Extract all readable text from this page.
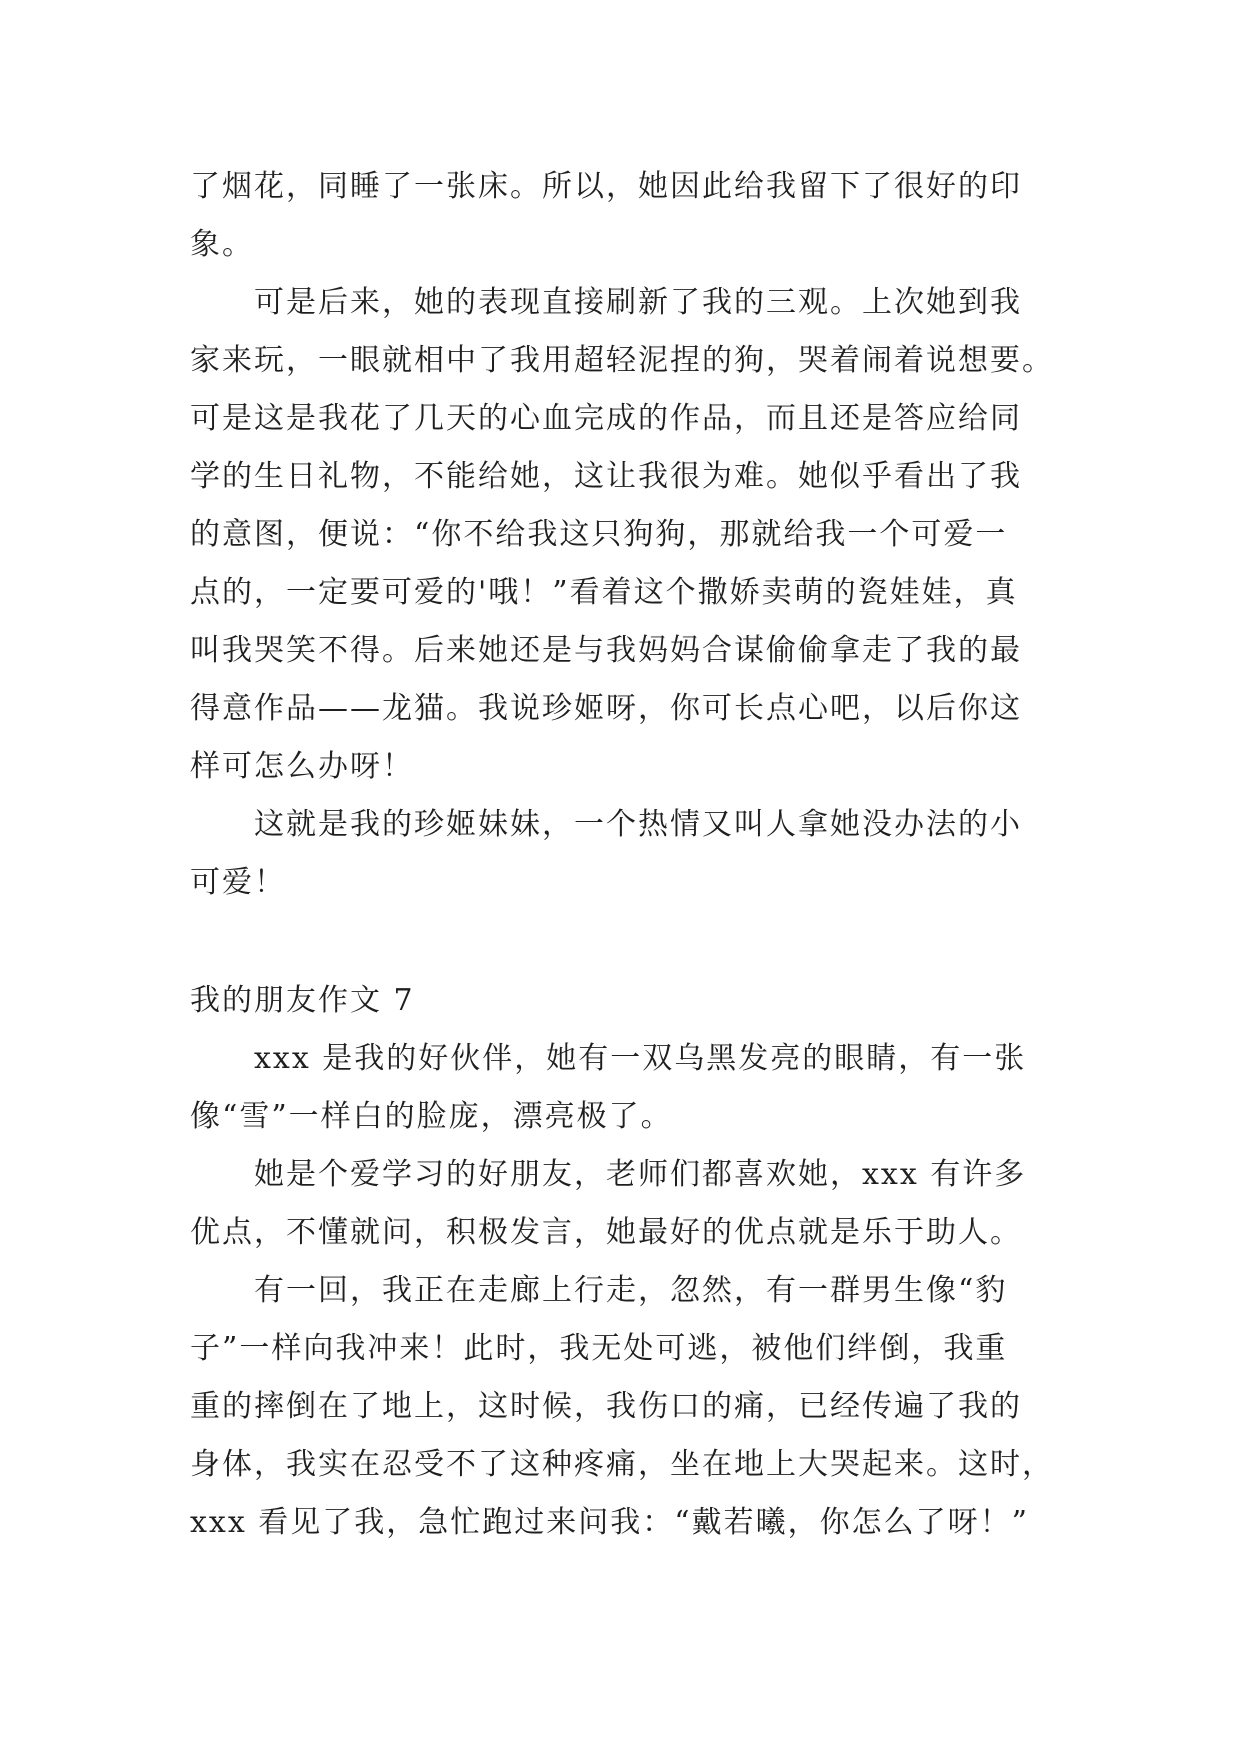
了烟花，同睡了一张床。所以，她因此给我留下了很好的印
象。
可是后来，她的表现直接刷新了我的三观。上次她到我
家来玩，一眼就相中了我用超轻泥捏的狗，哭着闹着说想要。
可是这是我花了几天的心血完成的作品，而且还是答应给同
学的生日礼物，不能给她，这让我很为难。她似乎看出了我
的意图，便说：“你不给我这只狗狗，那就给我一个可爱一
点的，一定要可爱的'哦！”看着这个撒娇卖萌的瓷娃娃，真
叫我哭笑不得。后来她还是与我妈妈合谋偷偷拿走了我的最
得意作品——龙猫。我说珍姬呀，你可长点心吧，以后你这
样可怎么办呀！
这就是我的珍姬妹妹，一个热情又叫人拿她没办法的小
可爱！
我的朋友作文 7
xxx 是我的好伙伴，她有一双乌黑发亮的眼睛，有一张
像“雪”一样白的脸庞，漂亮极了。
她是个爱学习的好朋友，老师们都喜欢她，xxx 有许多
优点，不懂就问，积极发言，她最好的优点就是乐于助人。
有一回，我正在走廊上行走，忽然，有一群男生像“豹
子”一样向我冲来！此时，我无处可逃，被他们绊倒，我重
重的摔倒在了地上，这时候，我伤口的痛，已经传遍了我的
身体，我实在忍受不了这种疼痛，坐在地上大哭起来。这时，
xxx 看见了我，急忙跑过来问我：“戴若曦，你怎么了呀！”
